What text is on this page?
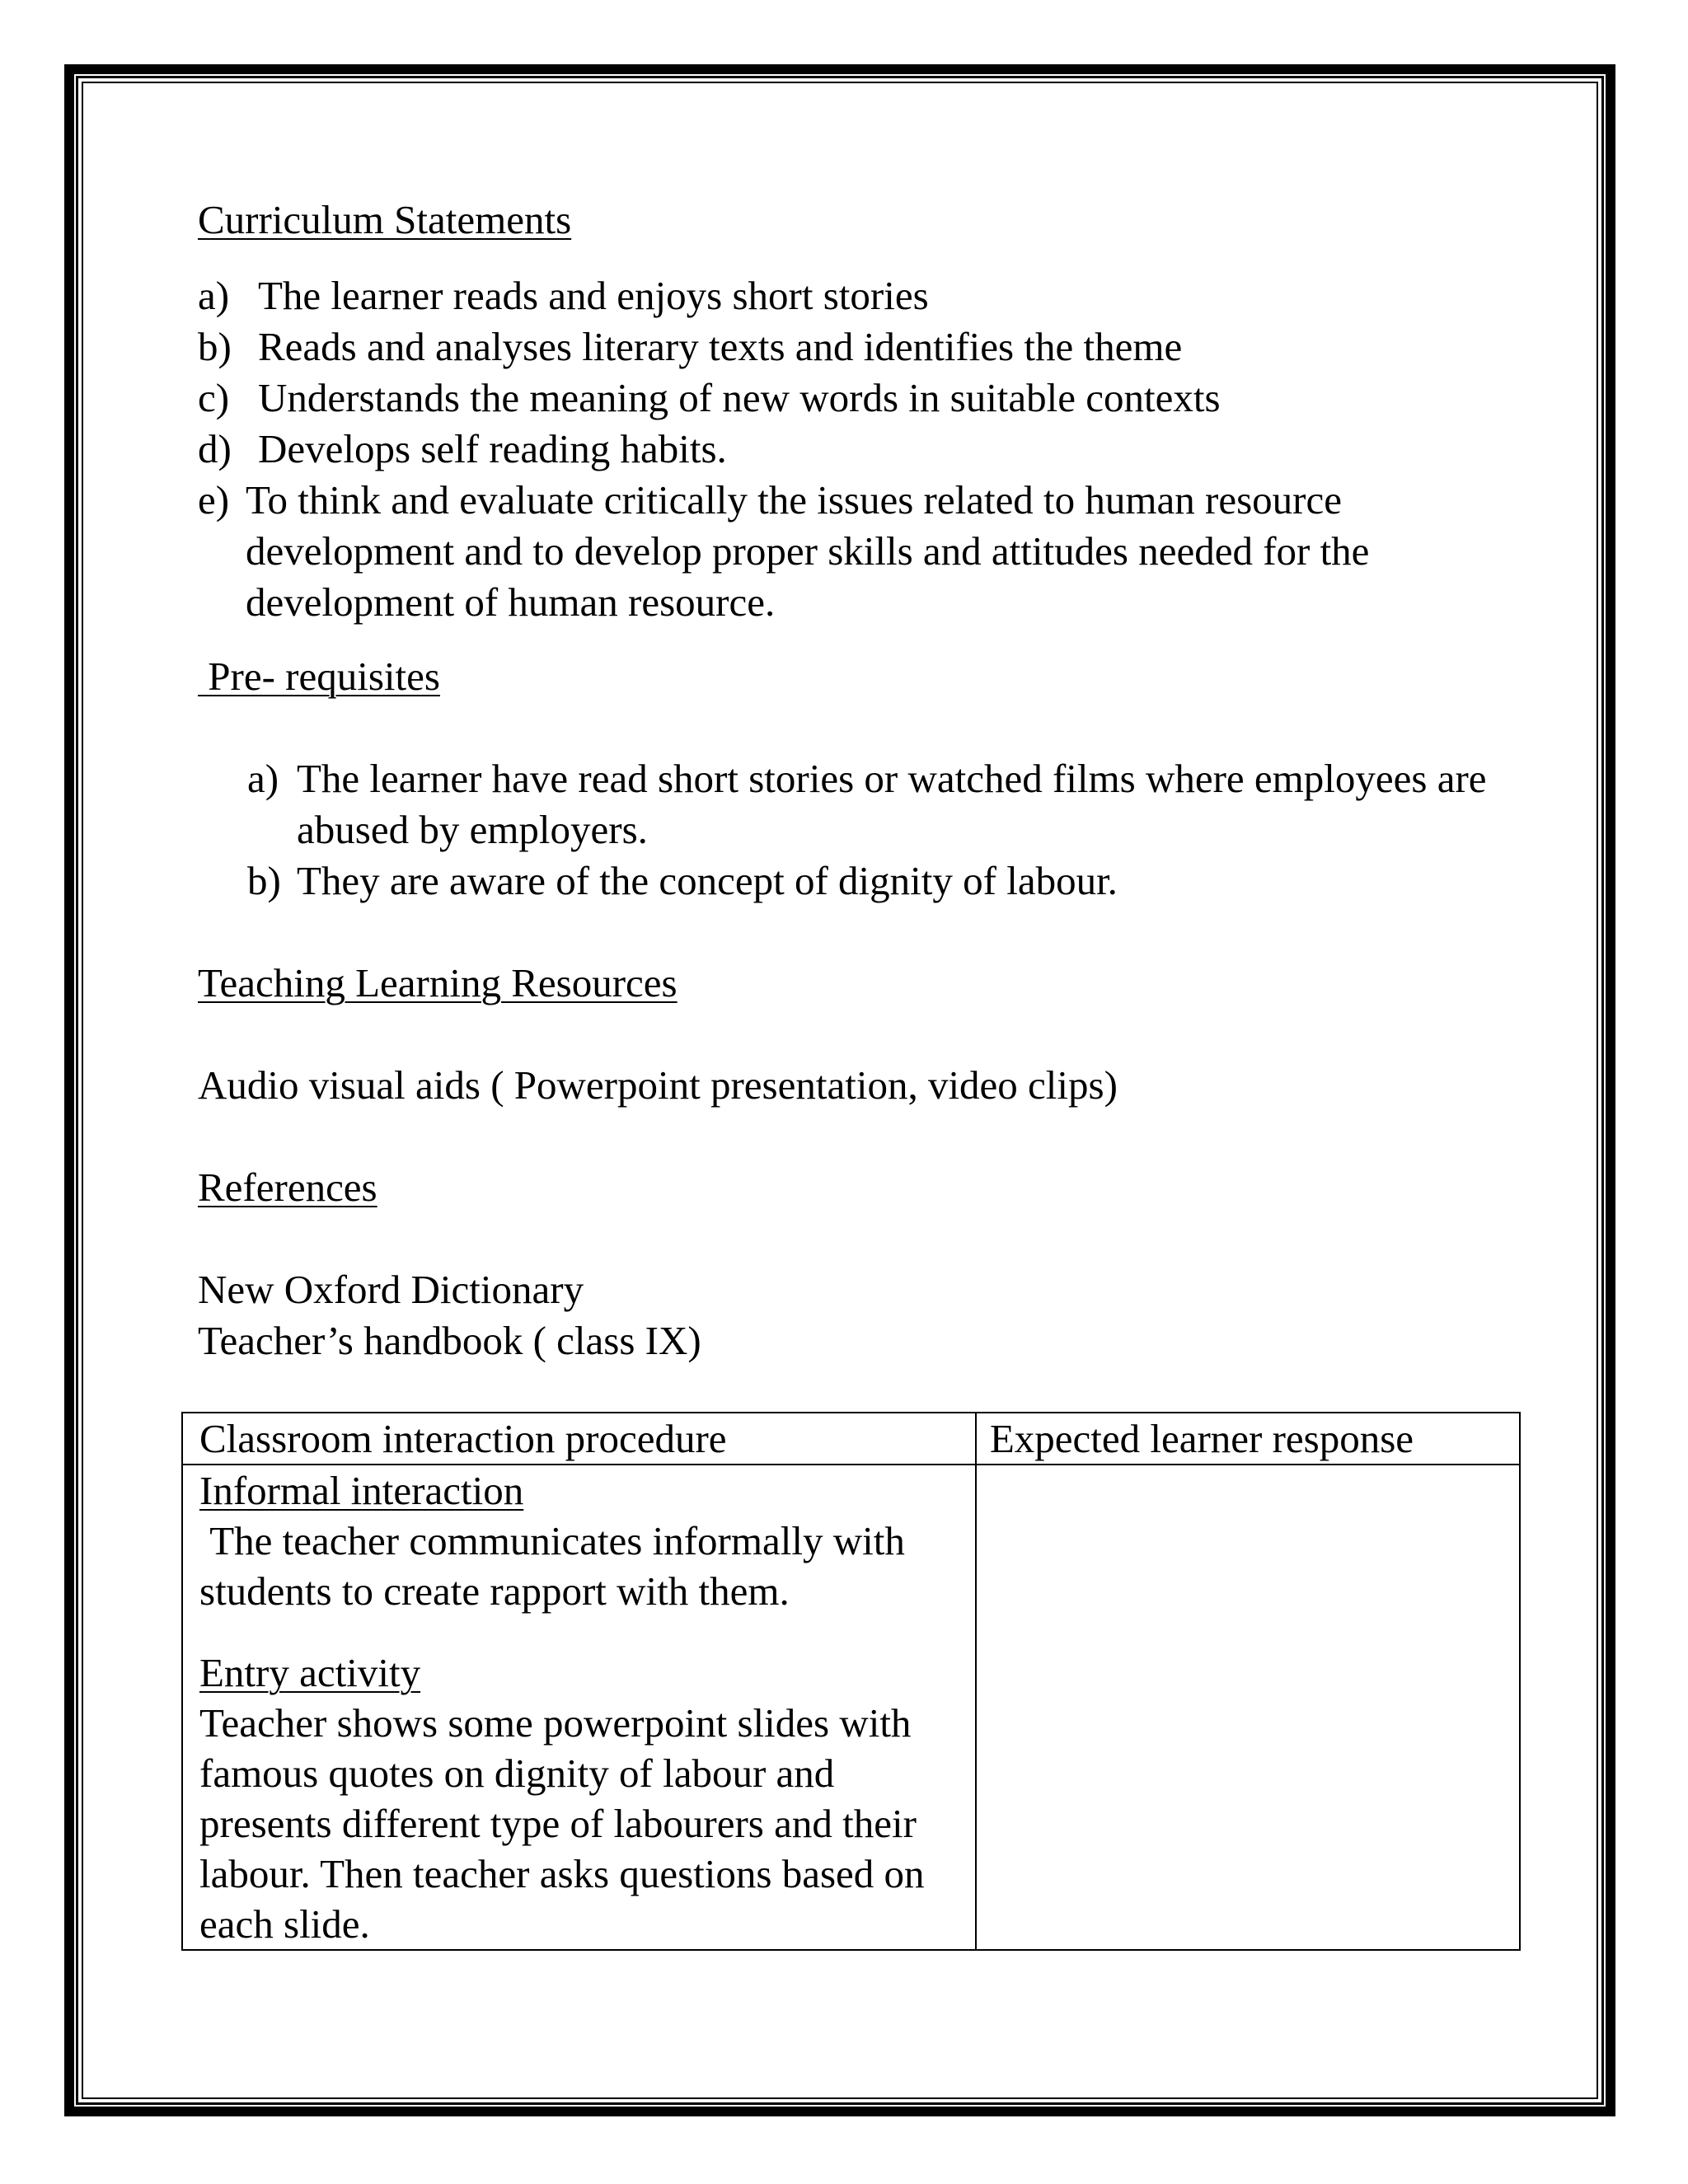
Curriculum Statements
a) The learner reads and enjoys short stories
b) Reads and analyses literary texts and identifies the theme
c) Understands the meaning of new words in suitable contexts
d) Develops self reading habits.
e) To think and evaluate critically the issues related to human resource development and to develop proper skills and attitudes needed for the development of human resource.
Pre- requisites
a) The learner have read short stories or watched films where employees are abused by employers.
b) They are aware of the concept of dignity of labour.
Teaching Learning Resources

Audio visual aids ( Powerpoint presentation, video clips)

References

New Oxford Dictionary

Teacher’s handbook ( class IX)

Classroom interaction procedure	Expected learner response

Informal interaction
The teacher communicates informally with students to create rapport with them.
Entry activity
Teacher shows some powerpoint slides with famous quotes on dignity of labour and presents different type of labourers and their labour. Then teacher asks questions based on each slide.	
